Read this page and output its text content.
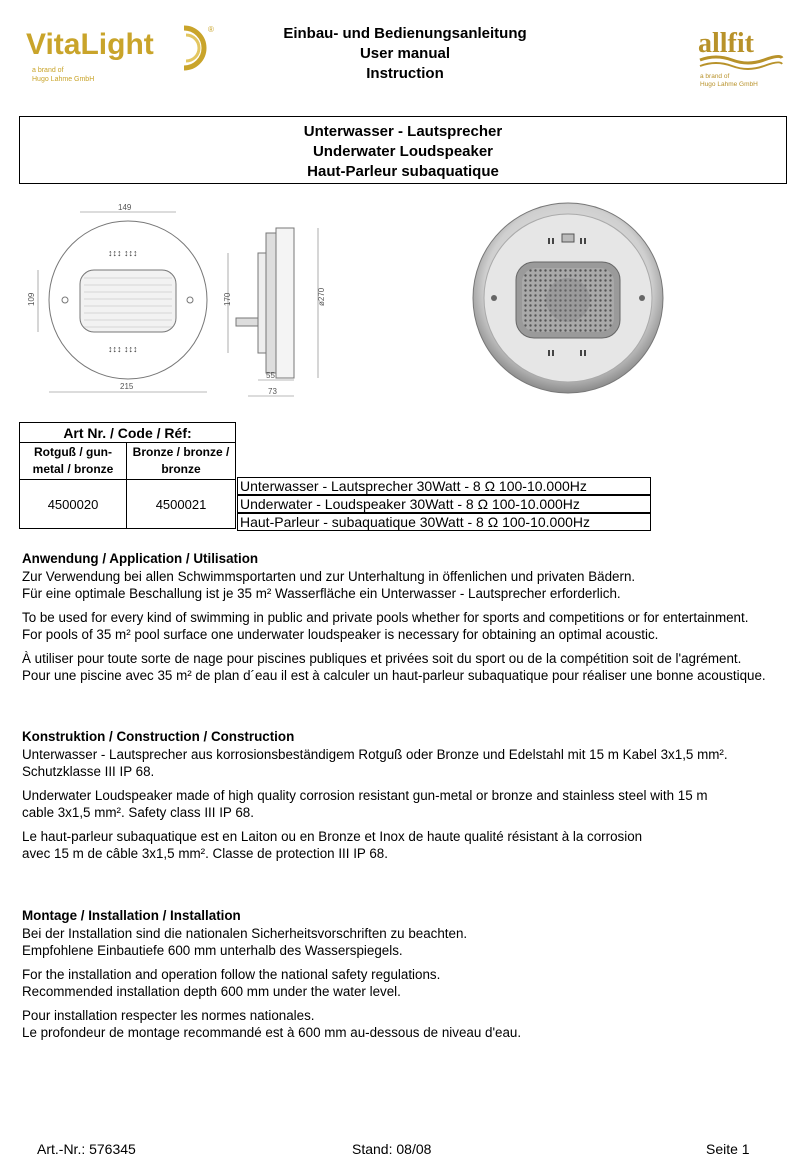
VitaLight	®
a brand of
Hugo Lahme GmbH
Einbau- und Bedienungsanleitung
User manual
Instruction
allfit
a brand of
Hugo Lahme GmbH
Unterwasser - Lautsprecher
Underwater Loudspeaker
Haut-Parleur subaquatique
↕↕↕ ↕↕↕
↕↕↕ ↕↕↕
149
109
215
170	ø270
55
73
Art Nr. / Code / Réf:	
Rotguß / gun-metal / bronze	Bronze / bronze / bronze
4500020	4500021
Unterwasser - Lautsprecher 30Watt - 8 Ω 100-10.000Hz
Underwater - Loudspeaker 30Watt - 8 Ω 100-10.000Hz
Haut-Parleur - subaquatique 30Watt - 8 Ω 100-10.000Hz
Anwendung / Application / Utilisation

Zur Verwendung bei allen Schwimmsportarten und zur Unterhaltung in öffenlichen und privaten Bädern.
Für eine optimale Beschallung ist je 35 m² Wasserfläche ein Unterwasser - Lautsprecher erforderlich.

To be used for every kind of swimming in public and private pools whether for sports and competitions or for entertainment.
For pools of 35 m² pool surface one underwater loudspeaker is necessary for obtaining an optimal acoustic.

À utiliser pour toute sorte de nage pour piscines publiques et privées soit du sport ou de la compétition soit de l'agrément.
Pour une piscine avec 35 m² de plan d´eau il est à calculer un haut-parleur subaquatique pour réaliser une bonne acoustique.

Konstruktion / Construction / Construction

Unterwasser - Lautsprecher aus korrosionsbeständigem Rotguß oder Bronze und Edelstahl mit 15 m Kabel 3x1,5 mm².
Schutzklasse III IP 68.

Underwater Loudspeaker made of high quality corrosion resistant gun-metal or bronze and stainless steel with 15 m
cable 3x1,5 mm². Safety class III IP 68.

Le haut-parleur subaquatique est en Laiton ou en Bronze et Inox de haute qualité résistant à la corrosion
avec 15 m de câble 3x1,5 mm². Classe de protection III IP 68.

Montage / Installation / Installation

Bei der Installation sind die nationalen Sicherheitsvorschriften zu beachten.
Empfohlene Einbautiefe 600 mm unterhalb des Wasserspiegels.

For the installation and operation follow the national safety regulations.
Recommended installation depth 600 mm under the water level.

Pour installation respecter les normes nationales.
Le profondeur de montage recommandé est à 600 mm au-dessous de niveau d'eau.

Art.-Nr.: 576345	Stand: 08/08	Seite 1
